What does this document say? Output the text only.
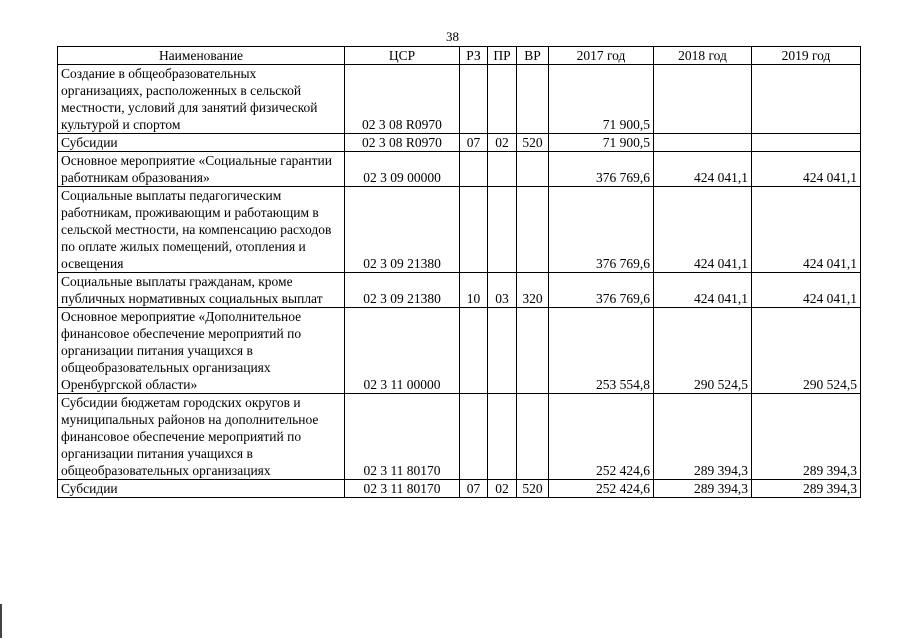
38
Наименование	ЦСР	РЗ	ПР	ВР	2017 год	2018 год	2019 год
Создание в общеобразовательных организациях, расположенных в сельской местности, условий для занятий физической культурой и спортом	02 3 08 R0970				71 900,5		
Субсидии	02 3 08 R0970	07	02	520	71 900,5		
Основное мероприятие «Социальные гарантии работникам образования»	02 3 09 00000				376 769,6	424 041,1	424 041,1
Социальные выплаты педагогическим работникам, проживающим и работающим в сельской местности, на компенсацию расходов по оплате жилых помещений, отопления и освещения	02 3 09 21380				376 769,6	424 041,1	424 041,1
Социальные выплаты гражданам, кроме публичных нормативных социальных выплат	02 3 09 21380	10	03	320	376 769,6	424 041,1	424 041,1
Основное мероприятие «Дополнительное финансовое обеспечение мероприятий по организации питания учащихся в общеобразовательных организациях Оренбургской области»	02 3 11 00000				253 554,8	290 524,5	290 524,5
Субсидии бюджетам городских округов и муниципальных районов на дополнительное финансовое обеспечение мероприятий по организации питания учащихся в общеобразовательных организациях	02 3 11 80170				252 424,6	289 394,3	289 394,3
Субсидии	02 3 11 80170	07	02	520	252 424,6	289 394,3	289 394,3
